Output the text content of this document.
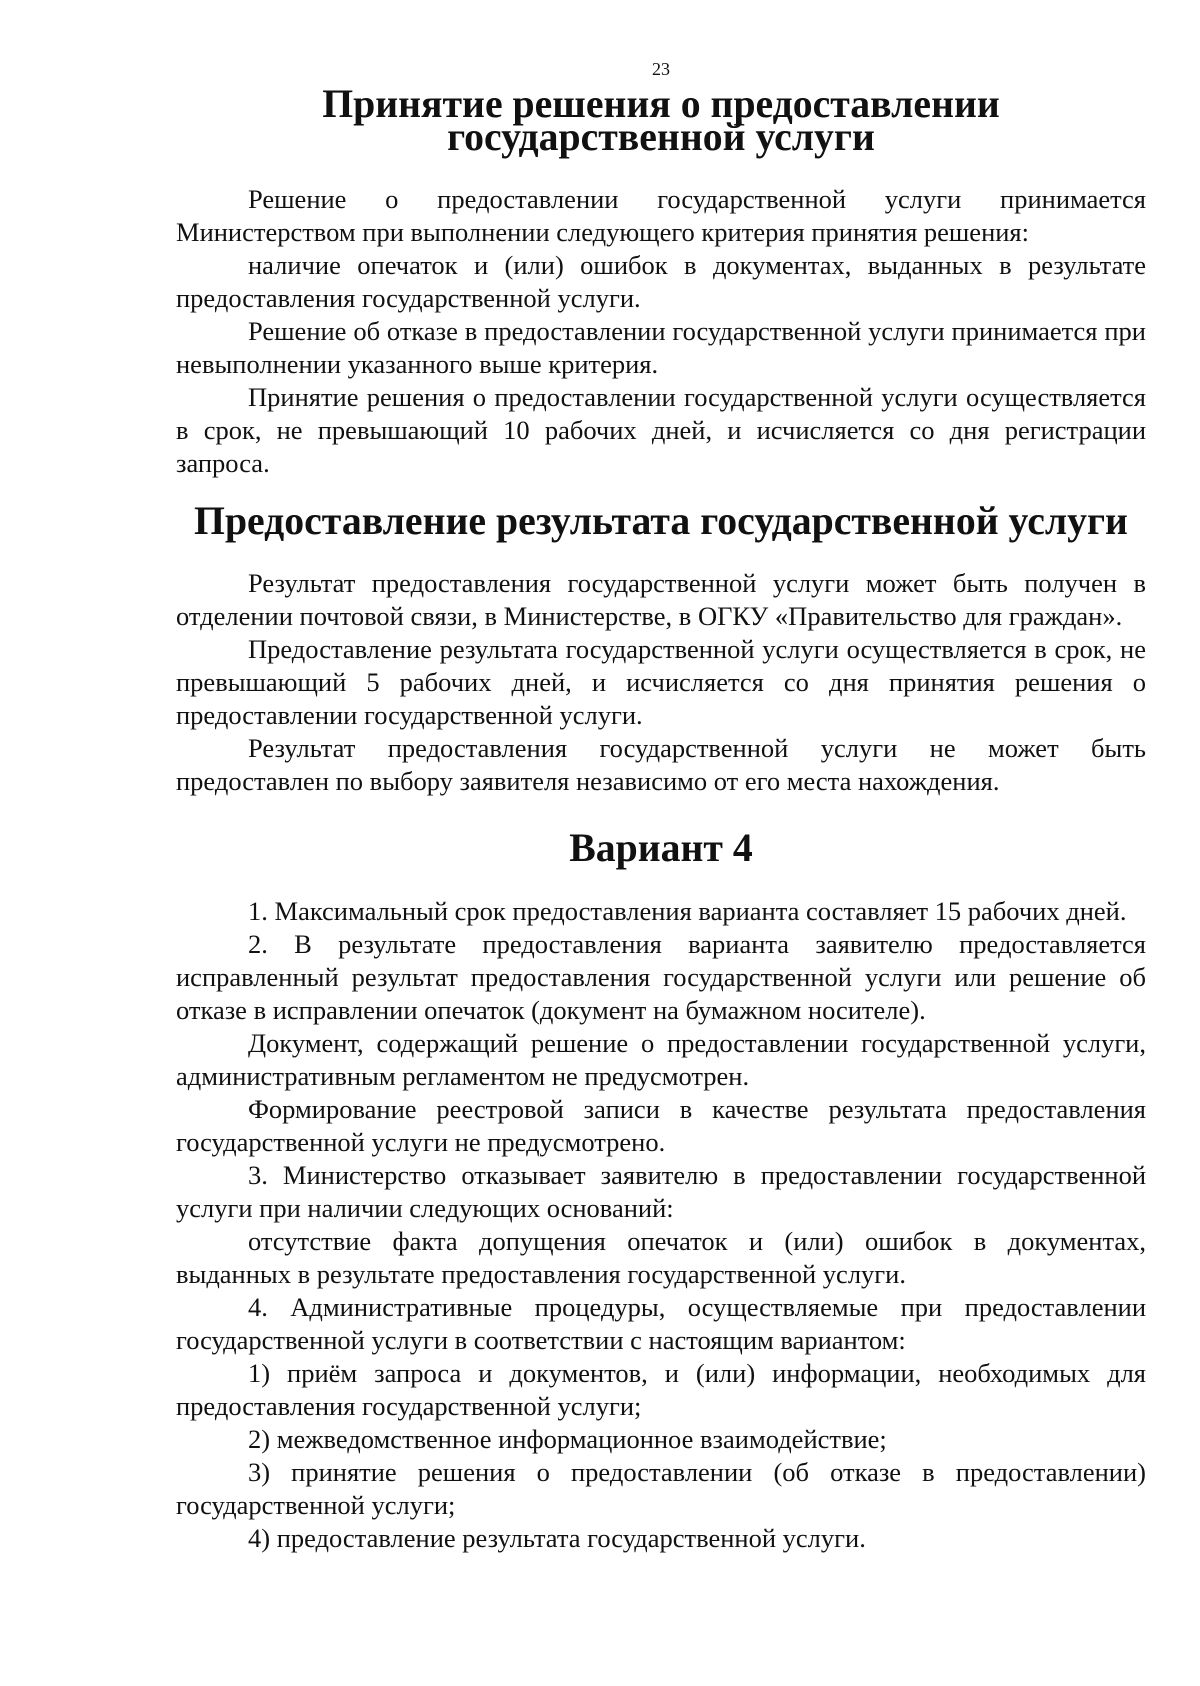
23
Принятие решения о предоставлении государственной услуги

Решение о предоставлении государственной услуги принимается Министерством при выполнении следующего критерия принятия решения:

наличие опечаток и (или) ошибок в документах, выданных в результате предоставления государственной услуги.

Решение об отказе в предоставлении государственной услуги принимается при невыполнении указанного выше критерия.

Принятие решения о предоставлении государственной услуги осуществляется в срок, не превышающий 10 рабочих дней, и исчисляется со дня регистрации запроса.

Предоставление результата государственной услуги

Результат предоставления государственной услуги может быть получен в отделении почтовой связи, в Министерстве, в ОГКУ «Правительство для граждан».

Предоставление результата государственной услуги осуществляется в срок, не превышающий 5 рабочих дней, и исчисляется со дня принятия решения о предоставлении государственной услуги.

Результат предоставления государственной услуги не может быть предоставлен по выбору заявителя независимо от его места нахождения.

Вариант 4

1. Максимальный срок предоставления варианта составляет 15 рабочих дней.

2. В результате предоставления варианта заявителю предоставляется исправленный результат предоставления государственной услуги или решение об отказе в исправлении опечаток (документ на бумажном носителе).

Документ, содержащий решение о предоставлении государственной услуги, административным регламентом не предусмотрен.

Формирование реестровой записи в качестве результата предоставления государственной услуги не предусмотрено.

3. Министерство отказывает заявителю в предоставлении государственной услуги при наличии следующих оснований:

отсутствие факта допущения опечаток и (или) ошибок в документах, выданных в результате предоставления государственной услуги.

4. Административные процедуры, осуществляемые при предоставлении государственной услуги в соответствии с настоящим вариантом:

1) приём запроса и документов, и (или) информации, необходимых для предоставления государственной услуги;

2) межведомственное информационное взаимодействие;

3) принятие решения о предоставлении (об отказе в предоставлении) государственной услуги;

4) предоставление результата государственной услуги.
